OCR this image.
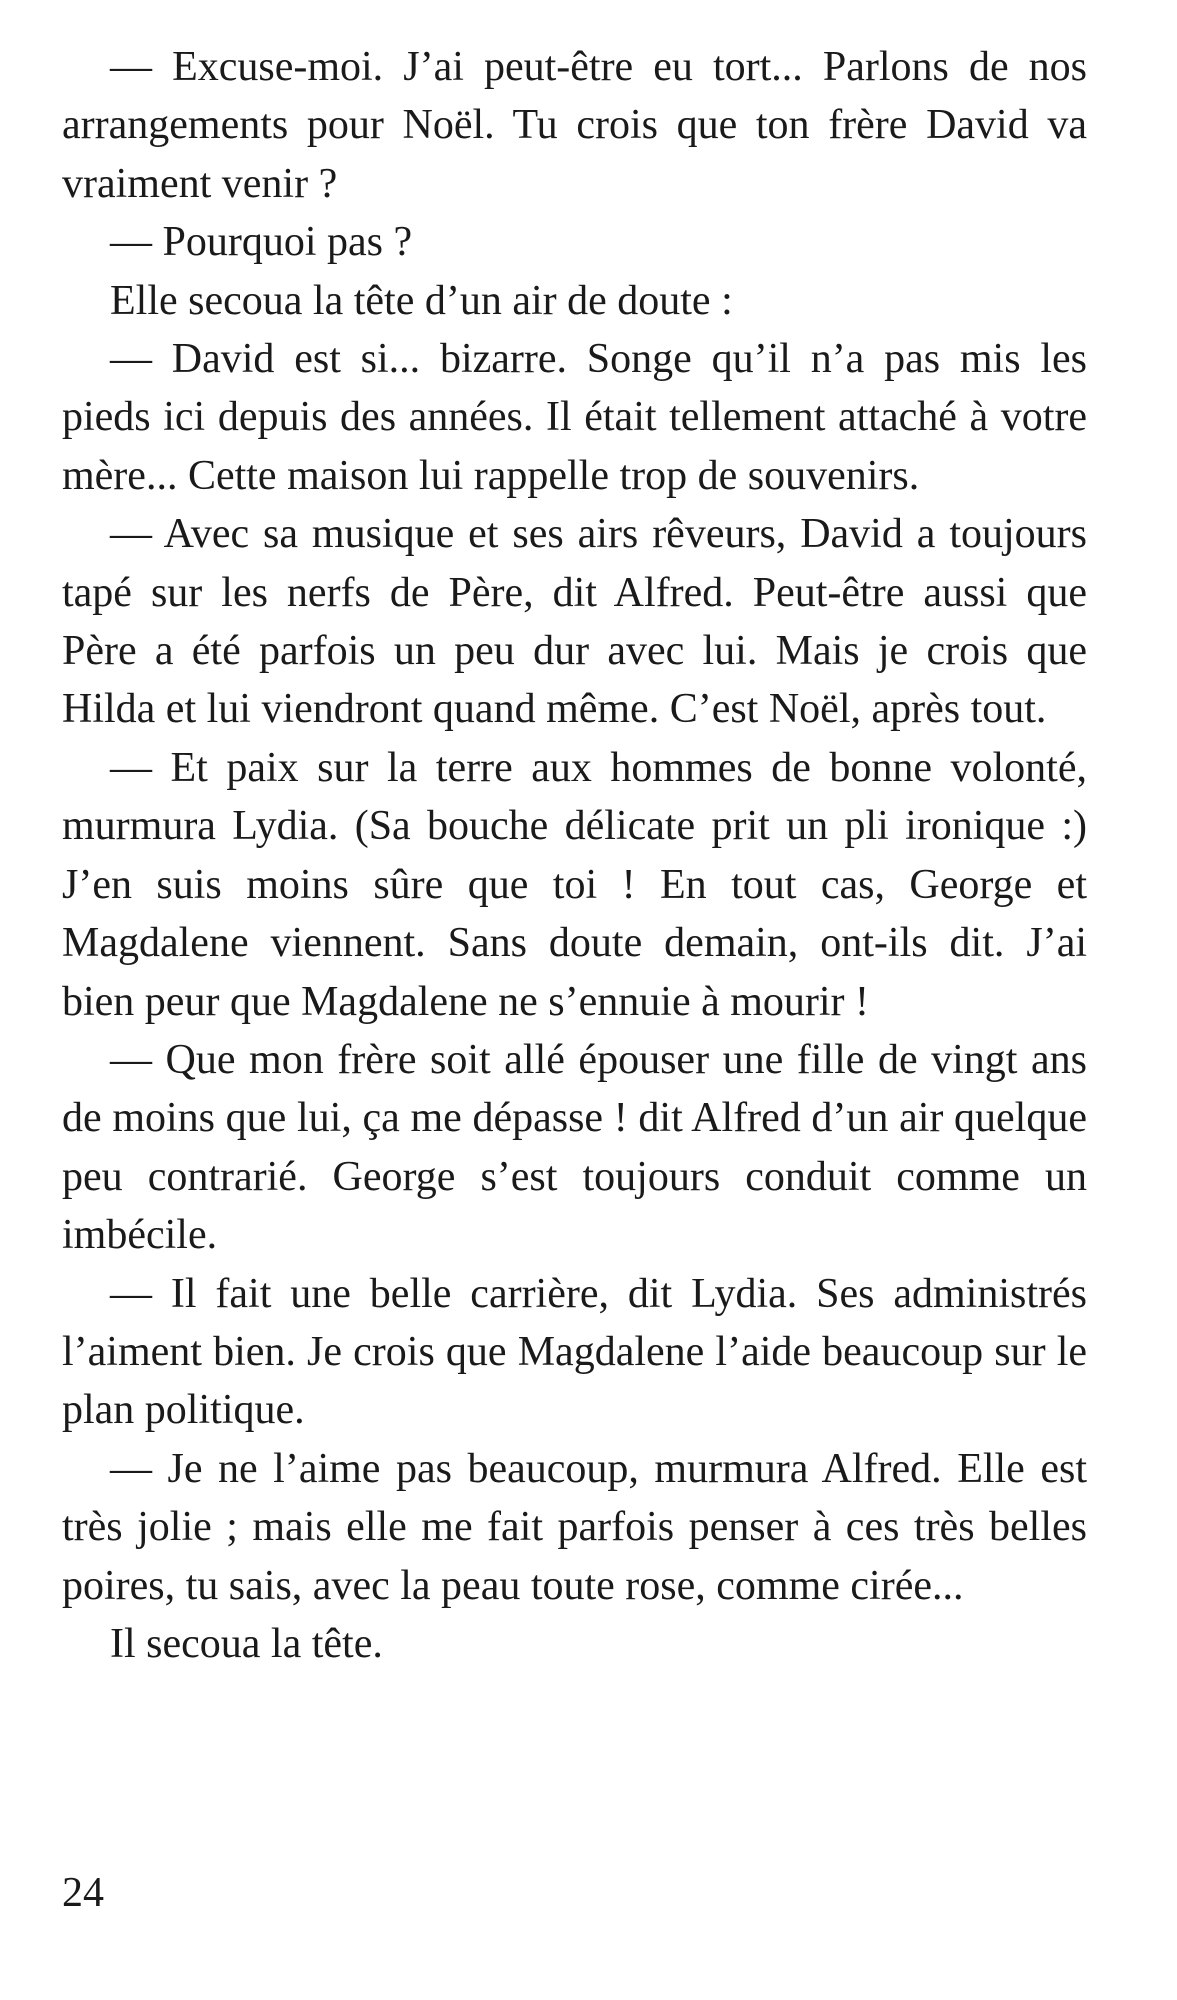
— Excuse-moi. J’ai peut-être eu tort... Parlons de nos arrangements pour Noël. Tu crois que ton frère David va vraiment venir ?

— Pourquoi pas ?

Elle secoua la tête d’un air de doute :

— David est si... bizarre. Songe qu’il n’a pas mis les pieds ici depuis des années. Il était tellement attaché à votre mère... Cette maison lui rappelle trop de souvenirs.

— Avec sa musique et ses airs rêveurs, David a toujours tapé sur les nerfs de Père, dit Alfred. Peut-être aussi que Père a été parfois un peu dur avec lui. Mais je crois que Hilda et lui viendront quand même. C’est Noël, après tout.

— Et paix sur la terre aux hommes de bonne volonté, murmura Lydia. (Sa bouche délicate prit un pli ironique :) J’en suis moins sûre que toi ! En tout cas, George et Magdalene viennent. Sans doute demain, ont-ils dit. J’ai bien peur que Magdalene ne s’ennuie à mourir !

— Que mon frère soit allé épouser une fille de vingt ans de moins que lui, ça me dépasse ! dit Alfred d’un air quelque peu contrarié. George s’est toujours conduit comme un imbécile.

— Il fait une belle carrière, dit Lydia. Ses administrés l’aiment bien. Je crois que Magdalene l’aide beaucoup sur le plan politique.

— Je ne l’aime pas beaucoup, murmura Alfred. Elle est très jolie ; mais elle me fait parfois penser à ces très belles poires, tu sais, avec la peau toute rose, comme cirée...

Il secoua la tête.

24
